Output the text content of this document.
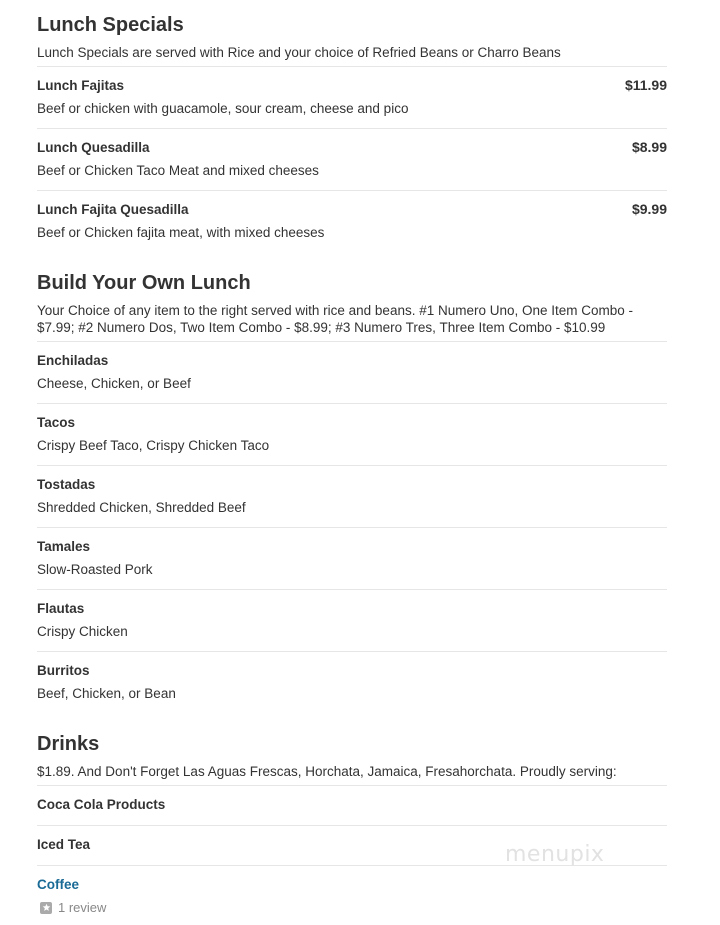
Lunch Specials
Lunch Specials are served with Rice and your choice of Refried Beans or Charro Beans
Lunch Fajitas	$11.99
Beef or chicken with guacamole, sour cream, cheese and pico
Lunch Quesadilla	$8.99
Beef or Chicken Taco Meat and mixed cheeses
Lunch Fajita Quesadilla	$9.99
Beef or Chicken fajita meat, with mixed cheeses
Build Your Own Lunch
Your Choice of any item to the right served with rice and beans. #1 Numero Uno, One Item Combo - $7.99; #2 Numero Dos, Two Item Combo - $8.99; #3 Numero Tres, Three Item Combo - $10.99
Enchiladas
Cheese, Chicken, or Beef
Tacos
Crispy Beef Taco, Crispy Chicken Taco
Tostadas
Shredded Chicken, Shredded Beef
Tamales
Slow-Roasted Pork
Flautas
Crispy Chicken
Burritos
Beef, Chicken, or Bean
Drinks
$1.89. And Don't Forget Las Aguas Frescas, Horchata, Jamaica, Fresahorchata. Proudly serving:
Coca Cola Products
Iced Tea
Coffee
1 review
menupix
